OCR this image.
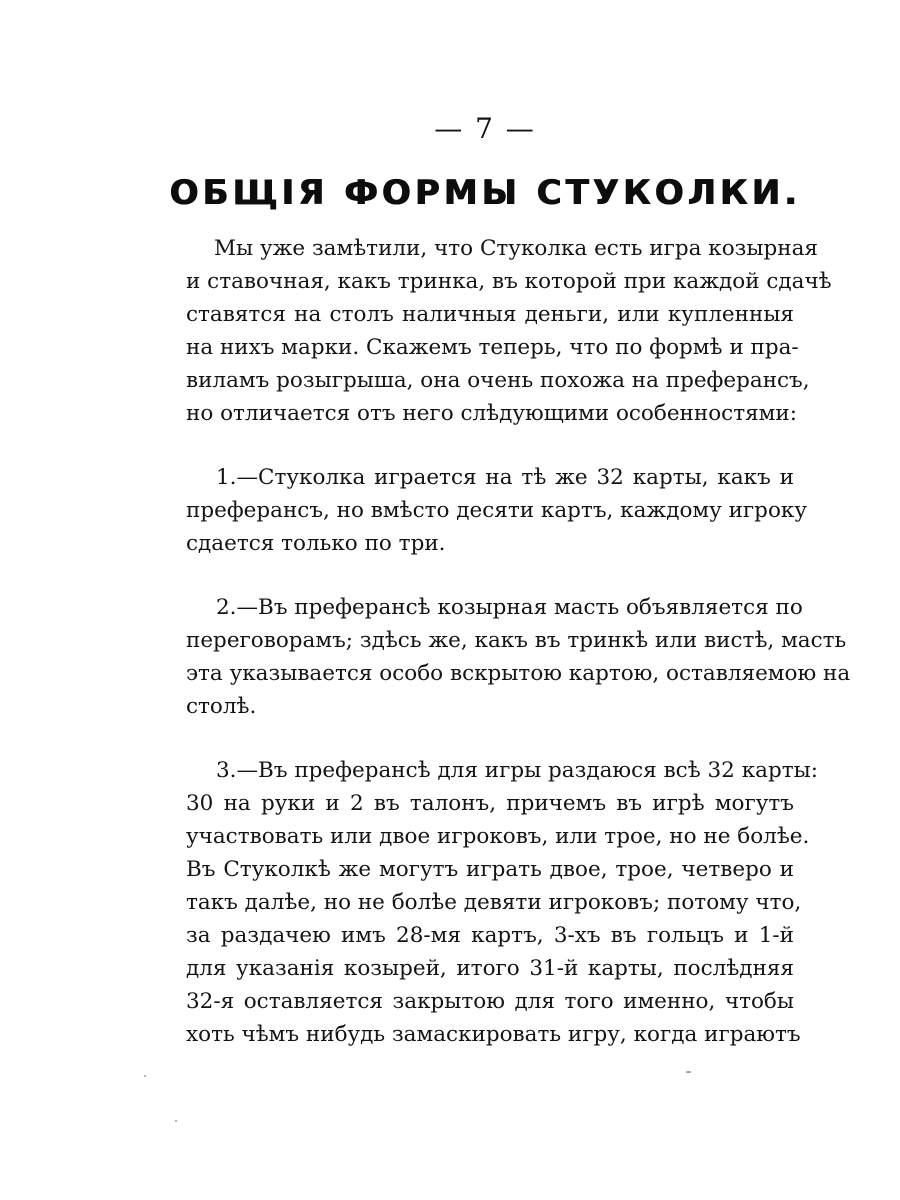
— 7 —
ОБЩІЯ ФОРМЫ СТУКОЛКИ.
Мы уже замѣтили, что Стуколка есть игра козырная
и ставочная, какъ тринка, въ которой при каждой сдачѣ
ставятся на столъ наличныя деньги, или купленныя
на нихъ марки. Скажемъ теперь, что по формѣ и пра-
виламъ розыгрыша, она очень похожа на преферансъ,
но отличается отъ него слѣдующими особенностями:
1.—Стуколка играется на тѣ же 32 карты, какъ и
преферансъ, но вмѣсто десяти картъ, каждому игроку
сдается только по три.
2.—Въ преферансѣ козырная масть объявляется по
переговорамъ; здѣсь же, какъ въ тринкѣ или вистѣ, масть
эта указывается особо вскрытою картою, оставляемою на
столѣ.
3.—Въ преферансѣ для игры раздаюся всѣ 32 карты:
30 на руки и 2 въ талонъ, причемъ въ игрѣ могутъ
участвовать или двое игроковъ, или трое, но не болѣе.
Въ Стуколкѣ же могутъ играть двое, трое, четверо и
такъ далѣе, но не болѣе девяти игроковъ; потому что,
за раздачею имъ 28-мя картъ, 3-хъ въ гольцъ и 1-й
для указанія козырей, итого 31-й карты, послѣдняя
32-я оставляется закрытою для того именно, чтобы
хоть чѣмъ нибудь замаскировать игру, когда играютъ
